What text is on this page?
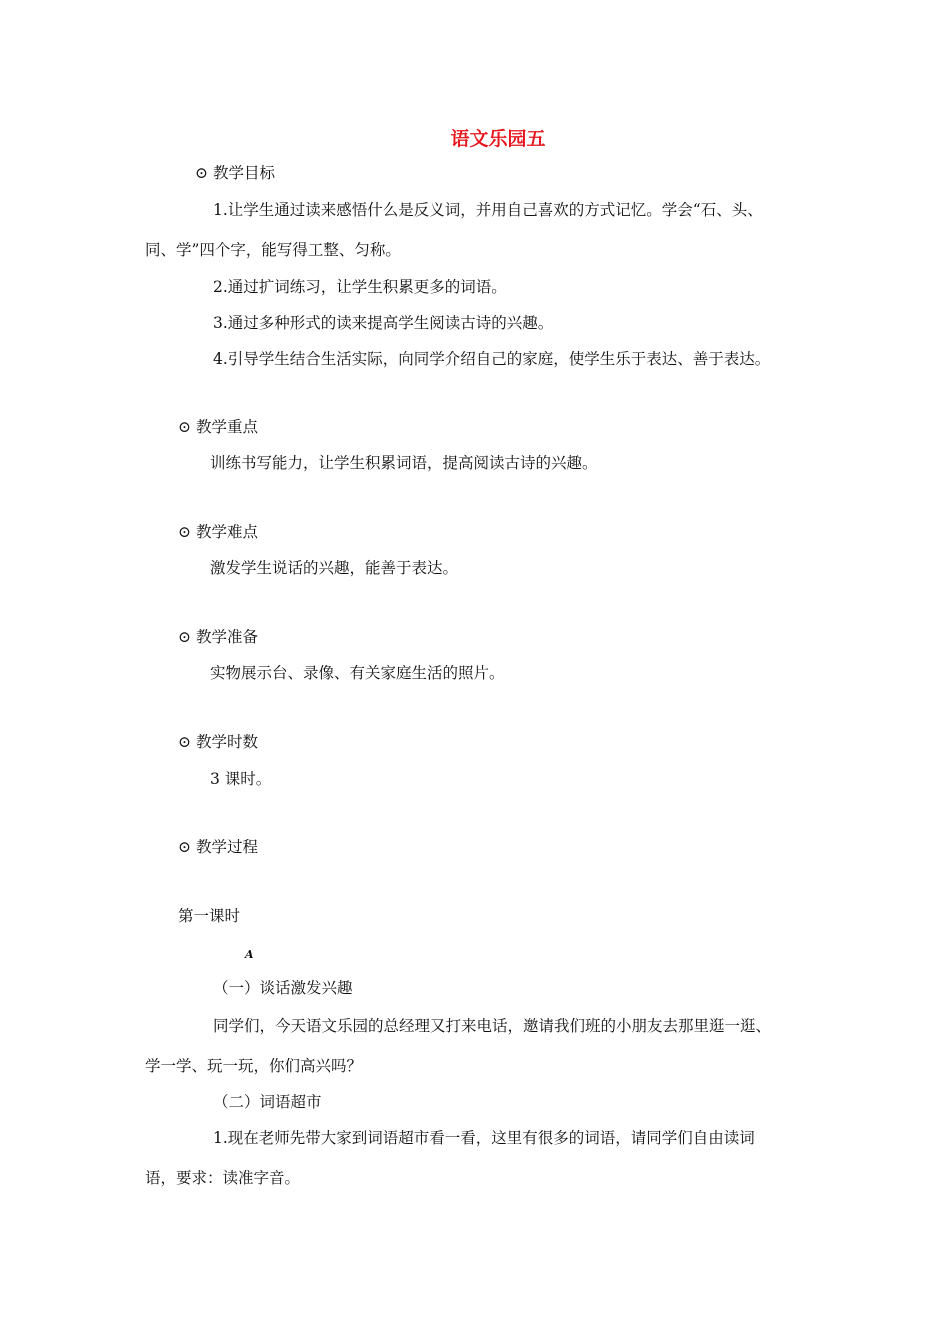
语文乐园五
⊙ 教学目标
1.让学生通过读来感悟什么是反义词，并用自己喜欢的方式记忆。学会“石、头、
同、学”四个字，能写得工整、匀称。
2.通过扩词练习，让学生积累更多的词语。
3.通过多种形式的读来提高学生阅读古诗的兴趣。
4.引导学生结合生活实际，向同学介绍自己的家庭，使学生乐于表达、善于表达。
⊙ 教学重点
训练书写能力，让学生积累词语，提高阅读古诗的兴趣。
⊙ 教学难点
激发学生说话的兴趣，能善于表达。
⊙ 教学准备
实物展示台、录像、有关家庭生活的照片。
⊙ 教学时数
3 课时。
⊙ 教学过程
第一课时
A
（一）谈话激发兴趣
同学们，今天语文乐园的总经理又打来电话，邀请我们班的小朋友去那里逛一逛、
学一学、玩一玩，你们高兴吗？
（二）词语超市
1.现在老师先带大家到词语超市看一看，这里有很多的词语，请同学们自由读词
语，要求：读准字音。
